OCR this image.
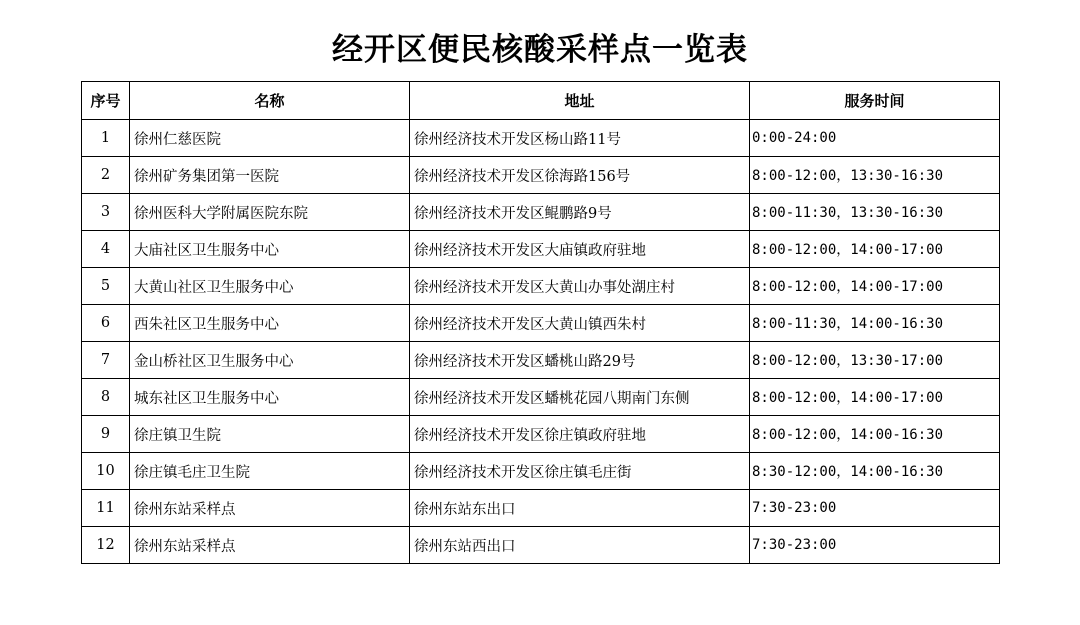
经开区便民核酸采样点一览表
序号	名称	地址	服务时间
1	徐州仁慈医院	徐州经济技术开发区杨山路11号	0:00-24:00
2	徐州矿务集团第一医院	徐州经济技术开发区徐海路156号	8:00-12:00，13:30-16:30
3	徐州医科大学附属医院东院	徐州经济技术开发区鲲鹏路9号	8:00-11:30，13:30-16:30
4	大庙社区卫生服务中心	徐州经济技术开发区大庙镇政府驻地	8:00-12:00，14:00-17:00
5	大黄山社区卫生服务中心	徐州经济技术开发区大黄山办事处湖庄村	8:00-12:00，14:00-17:00
6	西朱社区卫生服务中心	徐州经济技术开发区大黄山镇西朱村	8:00-11:30，14:00-16:30
7	金山桥社区卫生服务中心	徐州经济技术开发区蟠桃山路29号	8:00-12:00，13:30-17:00
8	城东社区卫生服务中心	徐州经济技术开发区蟠桃花园八期南门东侧	8:00-12:00，14:00-17:00
9	徐庄镇卫生院	徐州经济技术开发区徐庄镇政府驻地	8:00-12:00，14:00-16:30
10	徐庄镇毛庄卫生院	徐州经济技术开发区徐庄镇毛庄街	8:30-12:00，14:00-16:30
11	徐州东站采样点	徐州东站东出口	7:30-23:00
12	徐州东站采样点	徐州东站西出口	7:30-23:00
